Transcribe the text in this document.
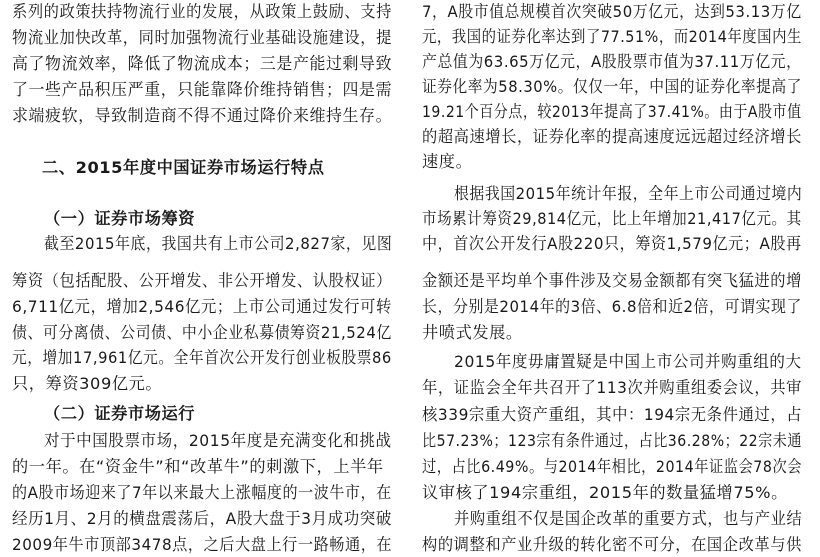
系列的政策扶持物流行业的发展，从政策上鼓励、支持
物流业加快改革，同时加强物流行业基础设施建设，提
高了物流效率，降低了物流成本；三是产能过剩导致
了一些产品积压严重，只能靠降价维持销售；四是需
求端疲软，导致制造商不得不通过降价来维持生存。
二、2015年度中国证券市场运行特点
（一）证券市场筹资
截至2015年底，我国共有上市公司2,827家，见图
筹资（包括配股、公开增发、非公开增发、认股权证）
6,711亿元，增加2,546亿元；上市公司通过发行可转
债、可分离债、公司债、中小企业私募债筹资21,524亿
元，增加17,961亿元。全年首次公开发行创业板股票86
只，筹资309亿元。
（二）证券市场运行
对于中国股票市场，2015年度是充满变化和挑战
的一年。在“资金牛”和“改革牛”的刺激下，上半年
的A股市场迎来了7年以来最大上涨幅度的一波牛市，在
经历1月、2月的横盘震荡后，A股大盘于3月成功突破
2009年牛市顶部3478点，之后大盘上行一路畅通，在
7，A股市值总规模首次突破50万亿元，达到53.13万亿
元，我国的证券化率达到了77.51%，而2014年度国内生
产总值为63.65万亿元，A股股票市值为37.11万亿元，
证券化率为58.30%。仅仅一年，中国的证券化率提高了
19.21个百分点，较2013年提高了37.41%。由于A股市值
的超高速增长，证券化率的提高速度远远超过经济增长
速度。
根据我国2015年统计年报，全年上市公司通过境内
市场累计筹资29,814亿元，比上年增加21,417亿元。其
中，首次公开发行A股220只，筹资1,579亿元；A股再
金额还是平均单个事件涉及交易金额都有突飞猛进的增
长，分别是2014年的3倍、6.8倍和近2倍，可谓实现了
井喷式发展。
2015年度毋庸置疑是中国上市公司并购重组的大
年，证监会全年共召开了113次并购重组委会议，共审
核339宗重大资产重组，其中：194宗无条件通过，占
比57.23%；123宗有条件通过，占比36.28%；22宗未通
过，占比6.49%。与2014年相比，2014年证监会78次会
议审核了194宗重组，2015年的数量猛增75%。
并购重组不仅是国企改革的重要方式，也与产业结
构的调整和产业升级的转化密不可分，在国企改革与供
